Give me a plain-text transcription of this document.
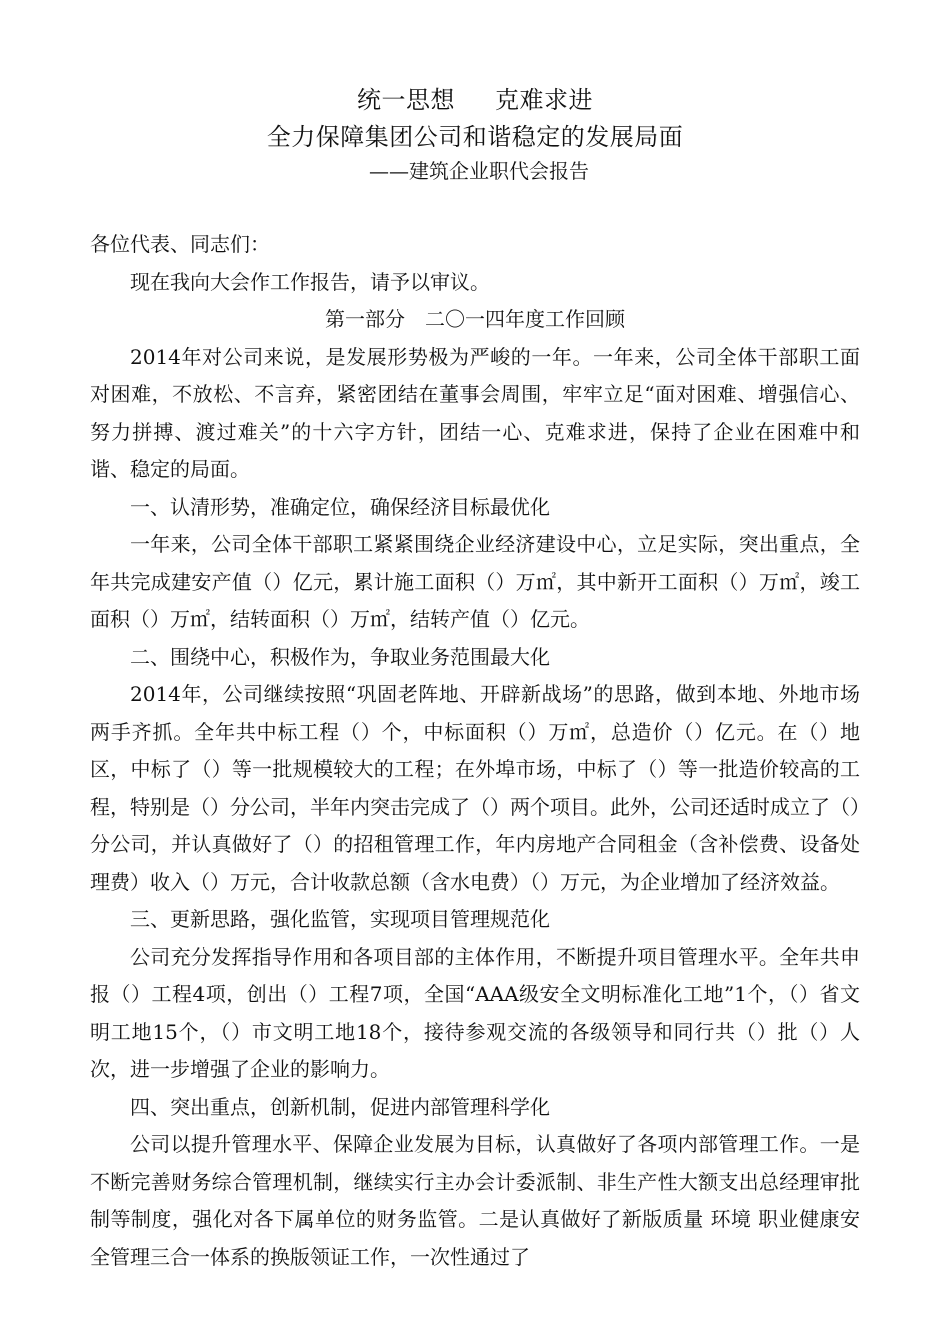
统一思想 克难求进
全力保障集团公司和谐稳定的发展局面
——建筑企业职代会报告

各位代表、同志们：

现在我向大会作工作报告，请予以审议。

第一部分　二〇一四年度工作回顾

2014年对公司来说，是发展形势极为严峻的一年。一年来，公司全体干部职工面对困难，不放松、不言弃，紧密团结在董事会周围，牢牢立足“面对困难、增强信心、努力拼搏、渡过难关”的十六字方针，团结一心、克难求进，保持了企业在困难中和谐、稳定的局面。

一、认清形势，准确定位，确保经济目标最优化

一年来，公司全体干部职工紧紧围绕企业经济建设中心，立足实际，突出重点，全年共完成建安产值（）亿元，累计施工面积（）万㎡，其中新开工面积（）万㎡，竣工面积（）万㎡，结转面积（）万㎡，结转产值（）亿元。

二、围绕中心，积极作为，争取业务范围最大化

2014年，公司继续按照“巩固老阵地、开辟新战场”的思路，做到本地、外地市场两手齐抓。全年共中标工程（）个，中标面积（）万㎡，总造价（）亿元。在（）地区，中标了（）等一批规模较大的工程；在外埠市场，中标了（）等一批造价较高的工程，特别是（）分公司，半年内突击完成了（）两个项目。此外，公司还适时成立了（）分公司，并认真做好了（）的招租管理工作，年内房地产合同租金（含补偿费、设备处理费）收入（）万元，合计收款总额（含水电费）（）万元，为企业增加了经济效益。

三、更新思路，强化监管，实现项目管理规范化

公司充分发挥指导作用和各项目部的主体作用，不断提升项目管理水平。全年共申报（）工程4项，创出（）工程7项，全国“AAA级安全文明标准化工地”1个，（）省文明工地15个，（）市文明工地18个，接待参观交流的各级领导和同行共（）批（）人次，进一步增强了企业的影响力。

四、突出重点，创新机制，促进内部管理科学化

公司以提升管理水平、保障企业发展为目标，认真做好了各项内部管理工作。一是不断完善财务综合管理机制，继续实行主办会计委派制、非生产性大额支出总经理审批制等制度，强化对各下属单位的财务监管。二是认真做好了新版质量 环境 职业健康安全管理三合一体系的换版领证工作，一次性通过了
